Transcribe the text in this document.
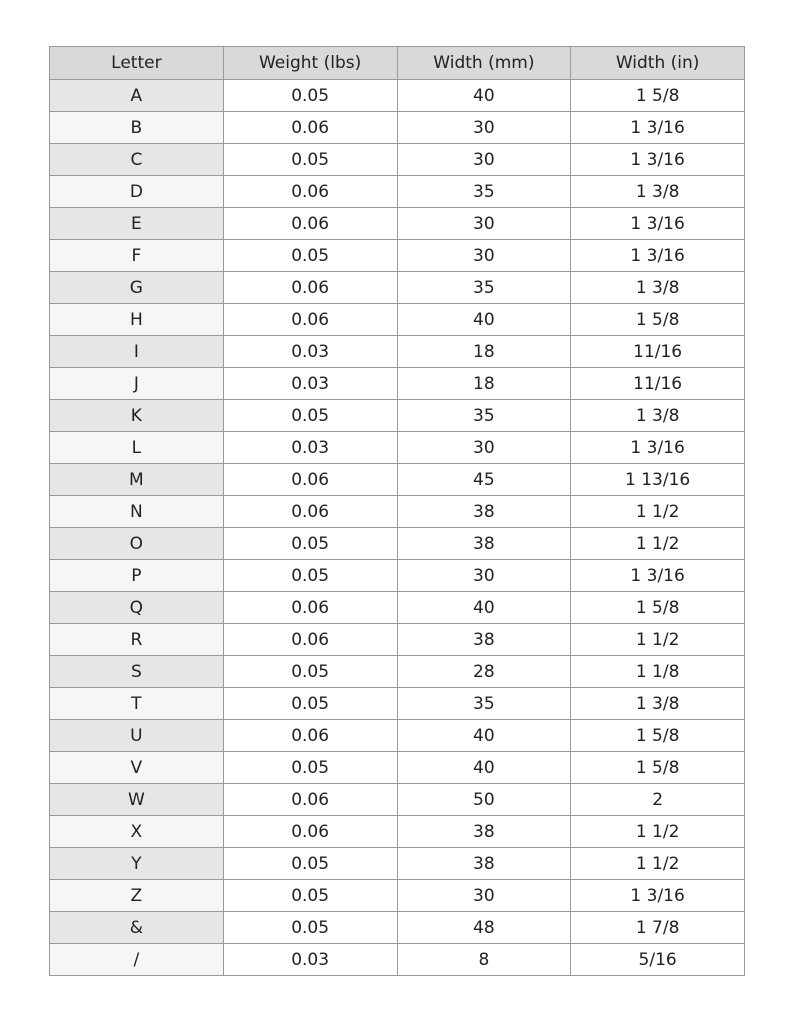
Letter	Weight (lbs)	Width (mm)	Width (in)
A	0.05	40	1 5/8
B	0.06	30	1 3/16
C	0.05	30	1 3/16
D	0.06	35	1 3/8
E	0.06	30	1 3/16
F	0.05	30	1 3/16
G	0.06	35	1 3/8
H	0.06	40	1 5/8
I	0.03	18	11/16
J	0.03	18	11/16
K	0.05	35	1 3/8
L	0.03	30	1 3/16
M	0.06	45	1 13/16
N	0.06	38	1 1/2
O	0.05	38	1 1/2
P	0.05	30	1 3/16
Q	0.06	40	1 5/8
R	0.06	38	1 1/2
S	0.05	28	1 1/8
T	0.05	35	1 3/8
U	0.06	40	1 5/8
V	0.05	40	1 5/8
W	0.06	50	2
X	0.06	38	1 1/2
Y	0.05	38	1 1/2
Z	0.05	30	1 3/16
&	0.05	48	1 7/8
/	0.03	8	5/16
